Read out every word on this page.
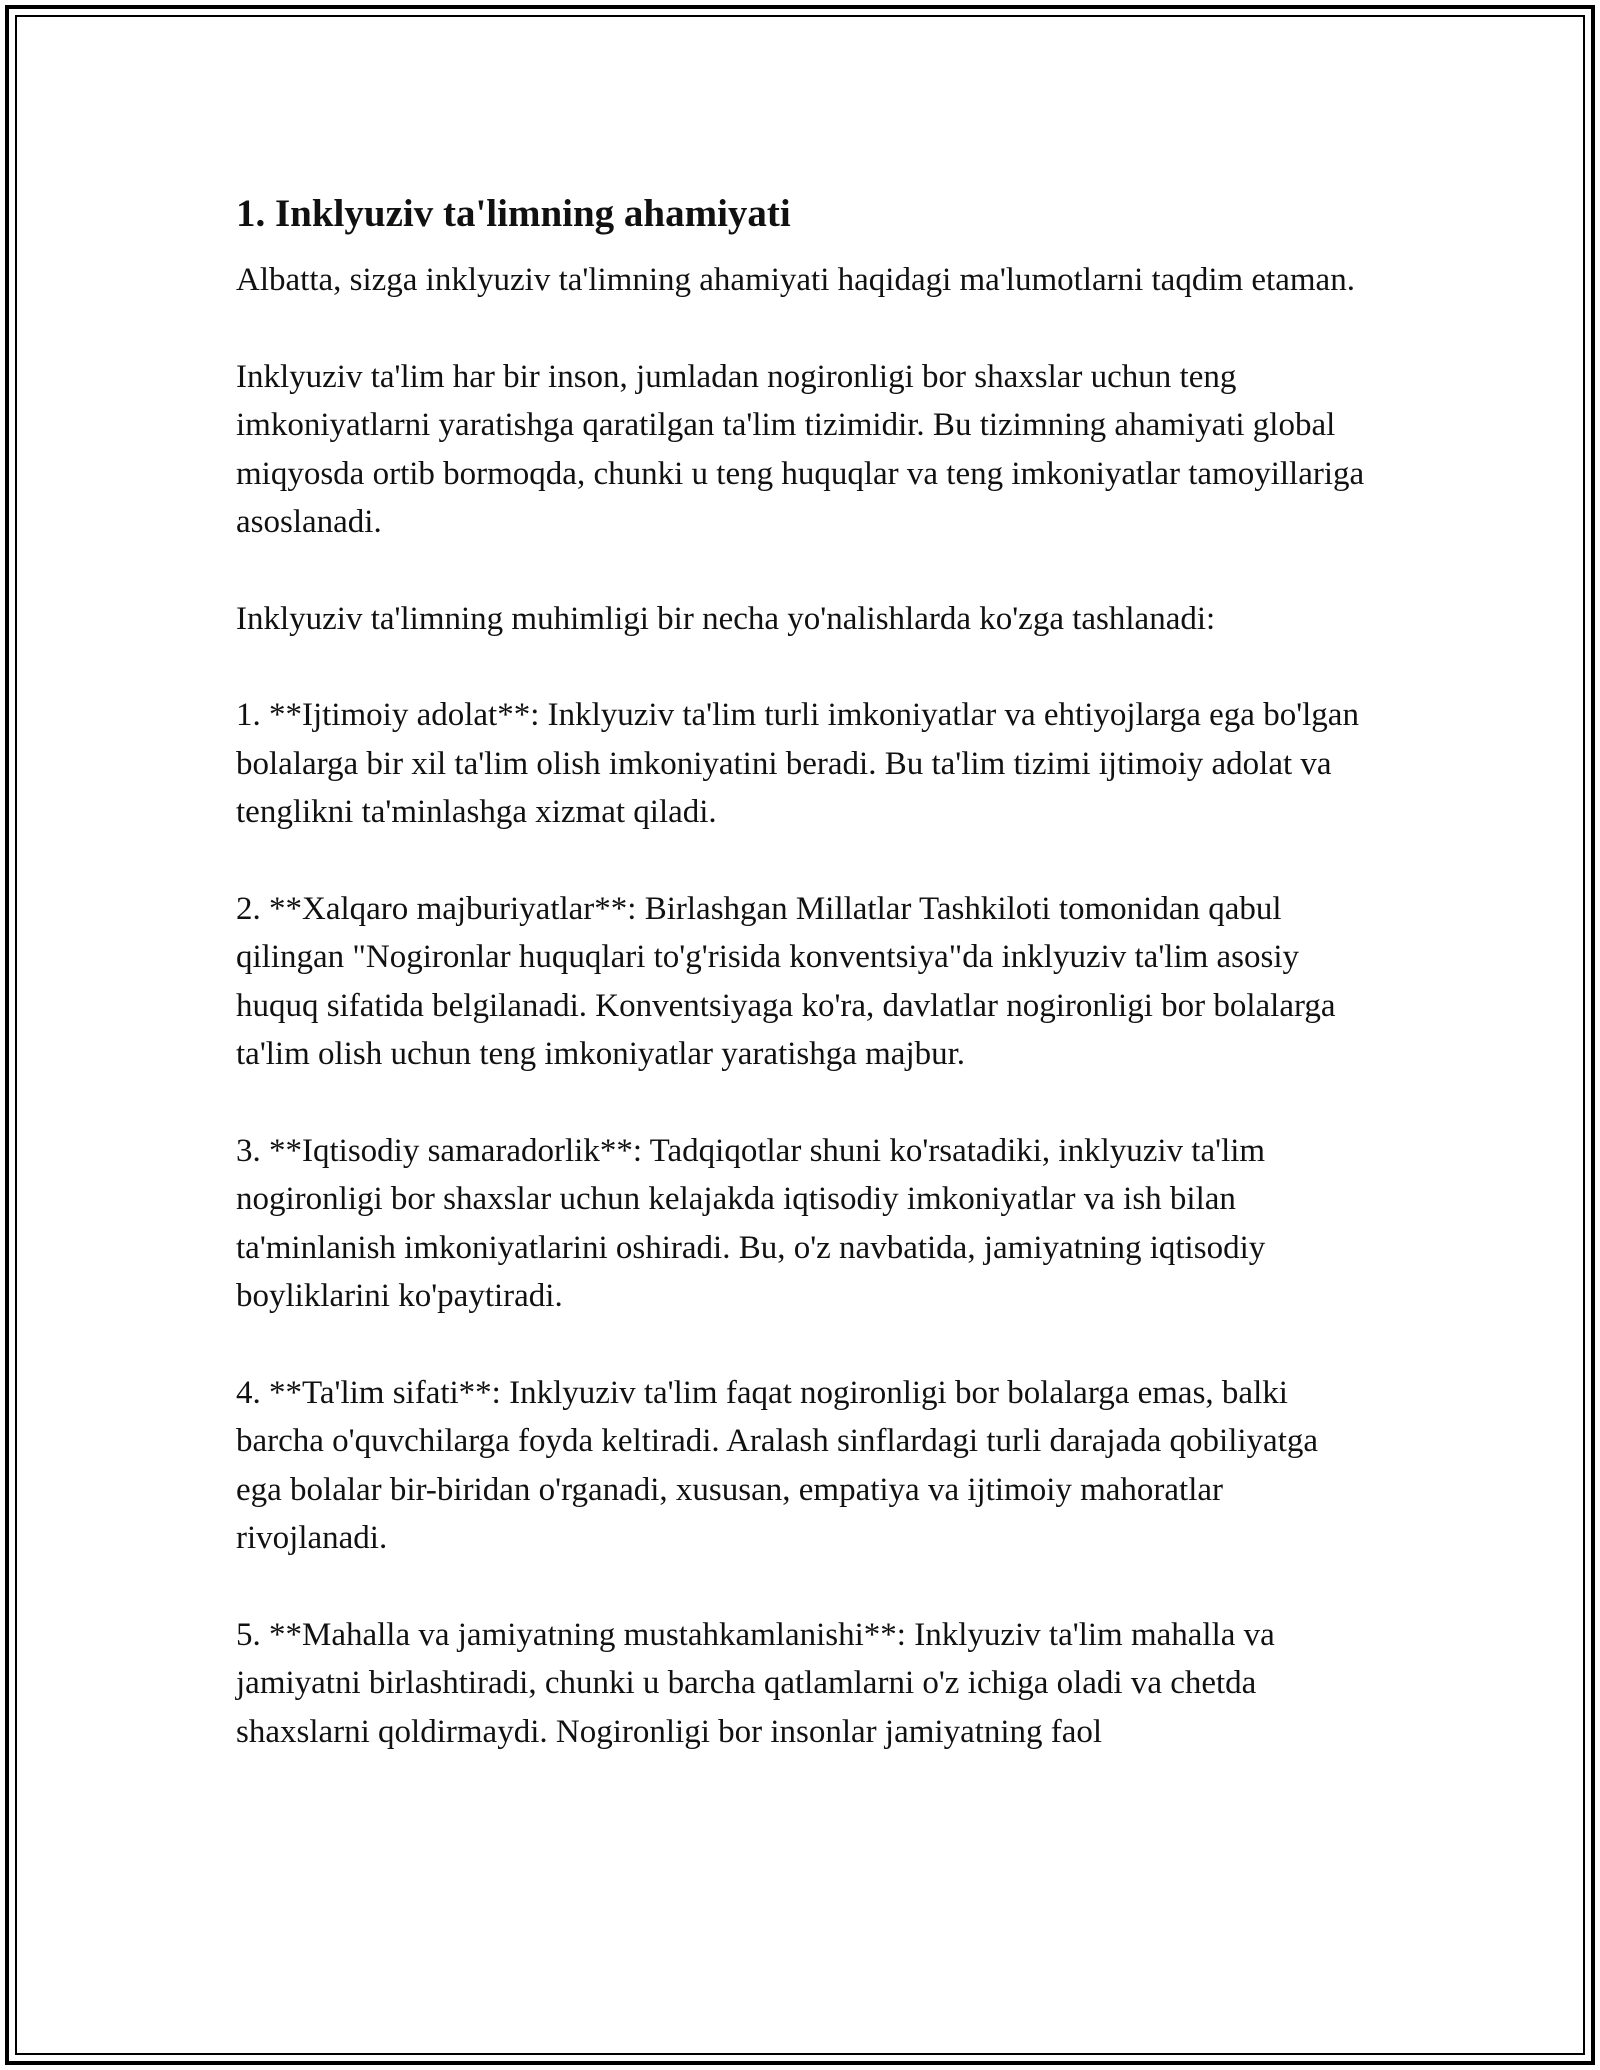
1. Inklyuziv ta'limning ahamiyati

Albatta, sizga inklyuziv ta'limning ahamiyati haqidagi ma'lumotlarni taqdim etaman.

Inklyuziv ta'lim har bir inson, jumladan nogironligi bor shaxslar uchun teng imkoniyatlarni yaratishga qaratilgan ta'lim tizimidir. Bu tizimning ahamiyati global miqyosda ortib bormoqda, chunki u teng huquqlar va teng imkoniyatlar tamoyillariga asoslanadi.

Inklyuziv ta'limning muhimligi bir necha yo'nalishlarda ko'zga tashlanadi:

1. **Ijtimoiy adolat**: Inklyuziv ta'lim turli imkoniyatlar va ehtiyojlarga ega bo'lgan bolalarga bir xil ta'lim olish imkoniyatini beradi. Bu ta'lim tizimi ijtimoiy adolat va tenglikni ta'minlashga xizmat qiladi.

2. **Xalqaro majburiyatlar**: Birlashgan Millatlar Tashkiloti tomonidan qabul qilingan "Nogironlar huquqlari to'g'risida konventsiya"da inklyuziv ta'lim asosiy huquq sifatida belgilanadi. Konventsiyaga ko'ra, davlatlar nogironligi bor bolalarga ta'lim olish uchun teng imkoniyatlar yaratishga majbur.

3. **Iqtisodiy samaradorlik**: Tadqiqotlar shuni ko'rsatadiki, inklyuziv ta'lim nogironligi bor shaxslar uchun kelajakda iqtisodiy imkoniyatlar va ish bilan ta'minlanish imkoniyatlarini oshiradi. Bu, o'z navbatida, jamiyatning iqtisodiy boyliklarini ko'paytiradi.

4. **Ta'lim sifati**: Inklyuziv ta'lim faqat nogironligi bor bolalarga emas, balki barcha o'quvchilarga foyda keltiradi. Aralash sinflardagi turli darajada qobiliyatga ega bolalar bir-biridan o'rganadi, xususan, empatiya va ijtimoiy mahoratlar rivojlanadi.

5. **Mahalla va jamiyatning mustahkamlanishi**: Inklyuziv ta'lim mahalla va jamiyatni birlashtiradi, chunki u barcha qatlamlarni o'z ichiga oladi va chetda shaxslarni qoldirmaydi. Nogironligi bor insonlar jamiyatning faol
